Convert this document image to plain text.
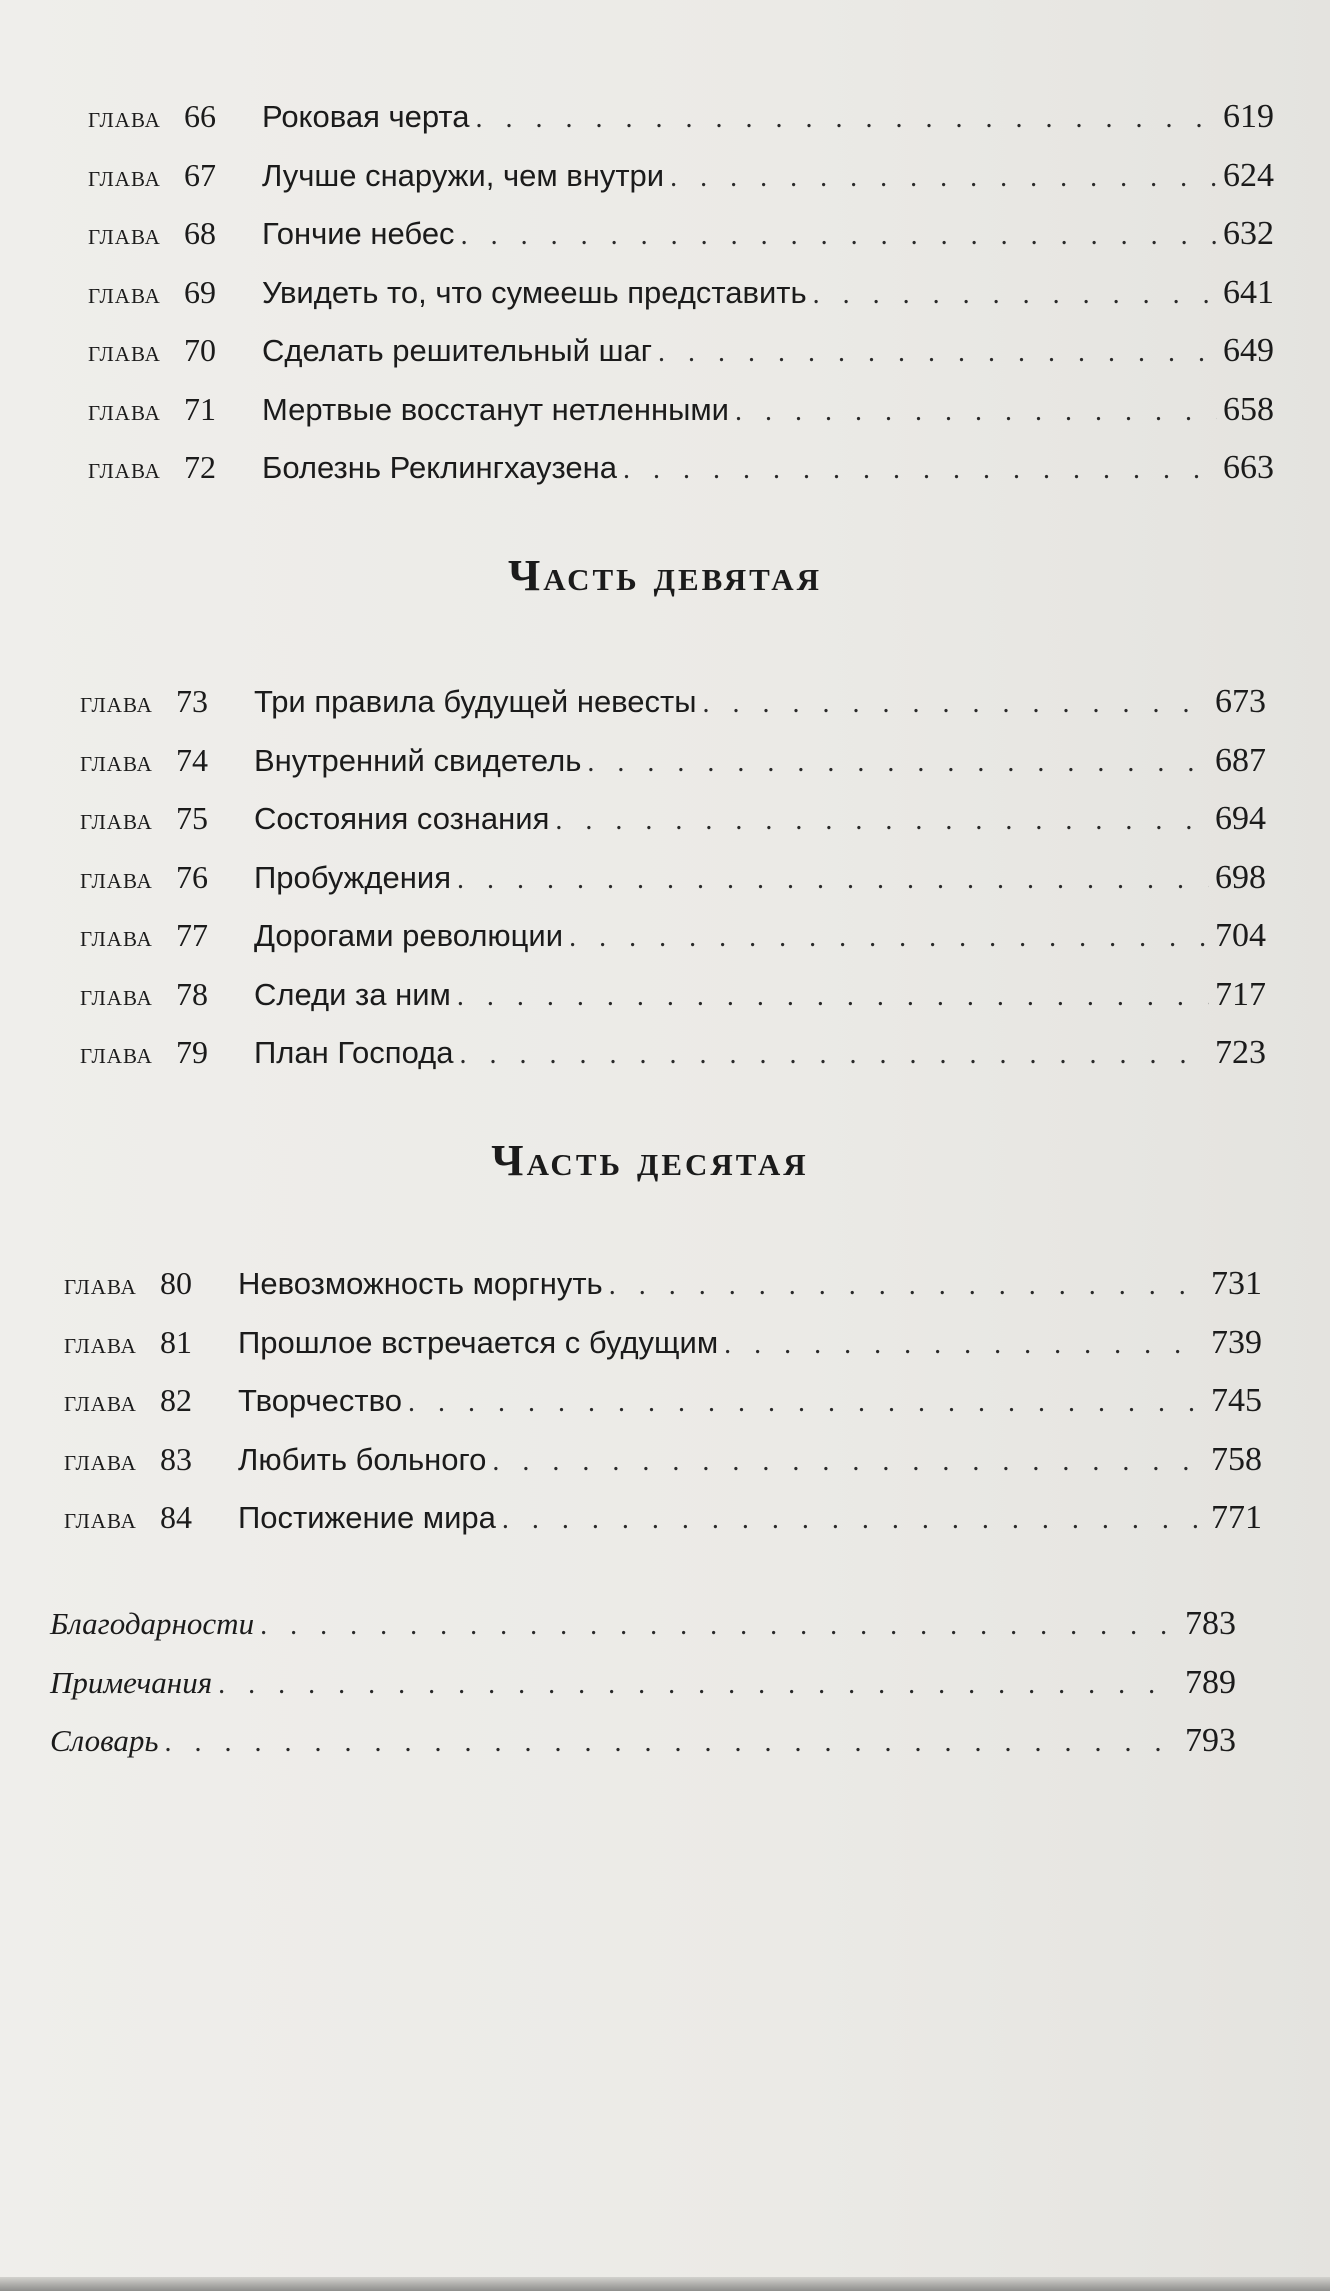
глава 66	Роковая черта . . .	619
глава 67	Лучше снаружи, чем внутри . . .	624
глава 68	Гончие небес . . .	632
глава 69	Увидеть то, что сумеешь представить . . .	641
глава 70	Сделать решительный шаг . . .	649
глава 71	Мертвые восстанут нетленными . . .	658
глава 72	Болезнь Реклингхаузена . . .	663
Часть девятая
глава 73	Три правила будущей невесты . . .	673
глава 74	Внутренний свидетель . . .	687
глава 75	Состояния сознания . . .	694
глава 76	Пробуждения . . .	698
глава 77	Дорогами революции . . .	704
глава 78	Следи за ним . . .	717
глава 79	План Господа . . .	723
Часть десятая
глава 80	Невозможность моргнуть . . .	731
глава 81	Прошлое встречается с будущим . . .	739
глава 82	Творчество . . .	745
глава 83	Любить больного . . .	758
глава 84	Постижение мира . . .	771
Благодарности . . .	783
Примечания . . .	789
Словарь . . .	793
